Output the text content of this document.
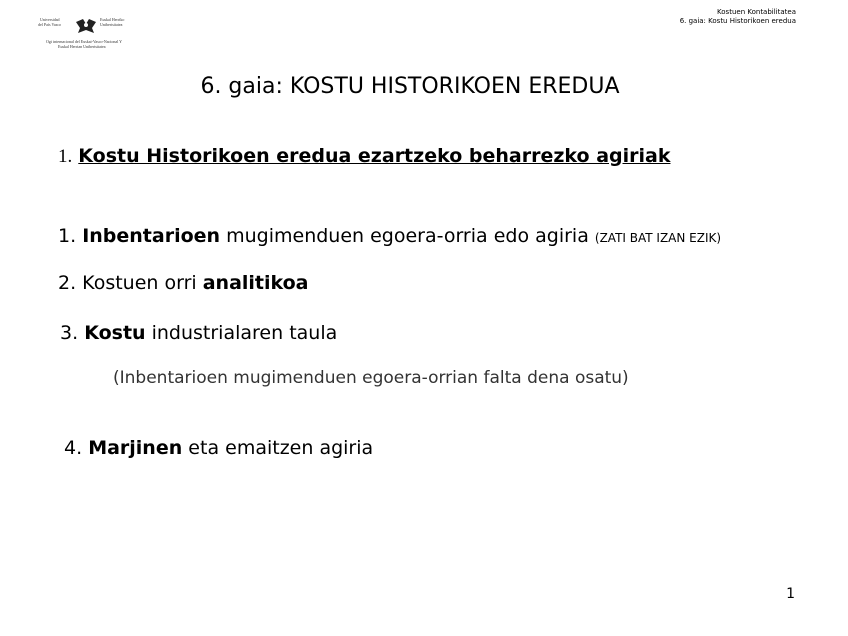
Universidad
del País Vasco
Euskal Herriko
Unibertsitatea
Ogi internacional del Euskai-Vasco-Nacional Y
Euskal Herrian Unibertsitatea
Kostuen Kontabilitatea
6. gaia: Kostu Historikoen eredua
6. gaia: KOSTU HISTORIKOEN EREDUA
1. Kostu Historikoen eredua ezartzeko beharrezko agiriak
1. Inbentarioen mugimenduen egoera-orria edo agiria (ZATI BAT IZAN EZIK)
2. Kostuen orri analitikoa
3. Kostu industrialaren taula
(Inbentarioen mugimenduen egoera-orrian falta dena osatu)
4. Marjinen eta emaitzen agiria
1
